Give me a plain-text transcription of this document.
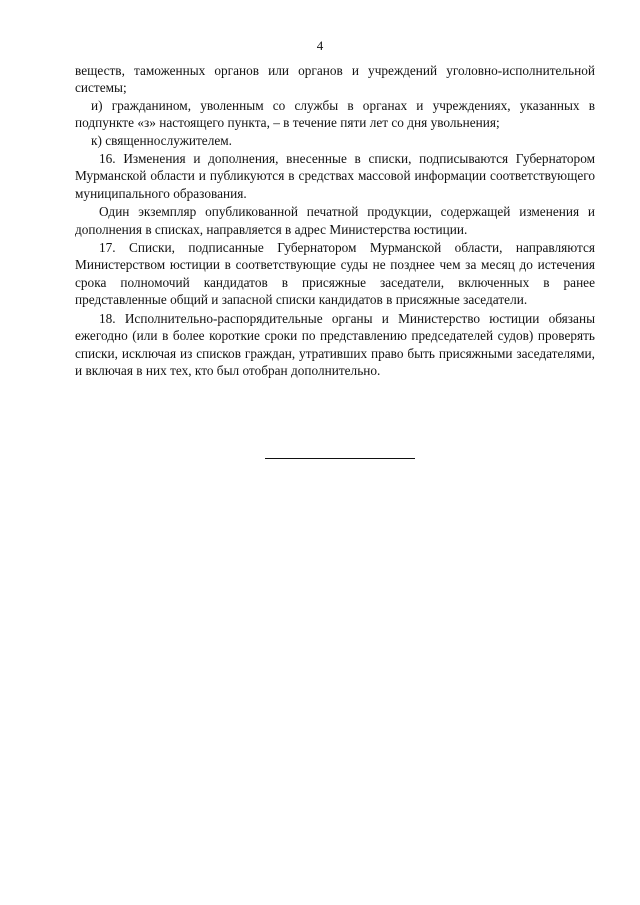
4

веществ, таможенных органов или органов и учреждений уголовно-исполнительной системы;

и) гражданином, уволенным со службы в органах и учреждениях, указанных в подпункте «з» настоящего пункта, – в течение пяти лет со дня увольнения;

к) священнослужителем.

16. Изменения и дополнения, внесенные в списки, подписываются Губернатором Мурманской области и публикуются в средствах массовой информации соответствующего муниципального образования.

Один экземпляр опубликованной печатной продукции, содержащей изменения и дополнения в списках, направляется в адрес Министерства юстиции.

17. Списки, подписанные Губернатором Мурманской области, направляются Министерством юстиции в соответствующие суды не позднее чем за месяц до истечения срока полномочий кандидатов в присяжные заседатели, включенных в ранее представленные общий и запасной списки кандидатов в присяжные заседатели.

18. Исполнительно-распорядительные органы и Министерство юстиции обязаны ежегодно (или в более короткие сроки по представлению председателей судов) проверять списки, исключая из списков граждан, утративших право быть присяжными заседателями, и включая в них тех, кто был отобран дополнительно.
